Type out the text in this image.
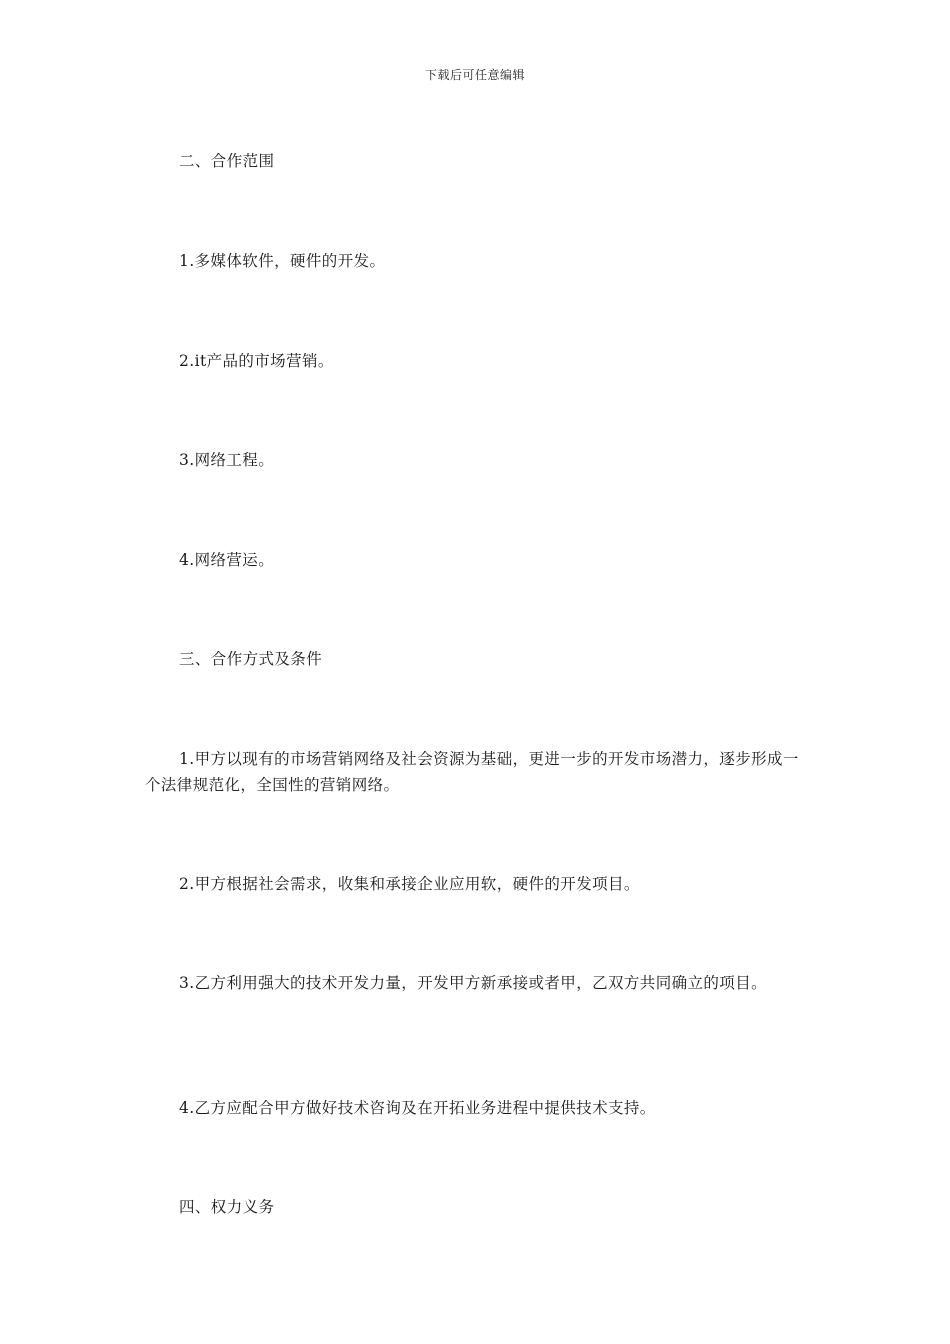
下载后可任意编辑
二、合作范围
1.多媒体软件，硬件的开发。
2.it产品的市场营销。
3.网络工程。
4.网络营运。
三、合作方式及条件
1.甲方以现有的市场营销网络及社会资源为基础，更进一步的开发市场潜力，逐步形成一个法律规范化，全国性的营销网络。
2.甲方根据社会需求，收集和承接企业应用软，硬件的开发项目。
3.乙方利用强大的技术开发力量，开发甲方新承接或者甲，乙双方共同确立的项目。
4.乙方应配合甲方做好技术咨询及在开拓业务进程中提供技术支持。
四、权力义务
